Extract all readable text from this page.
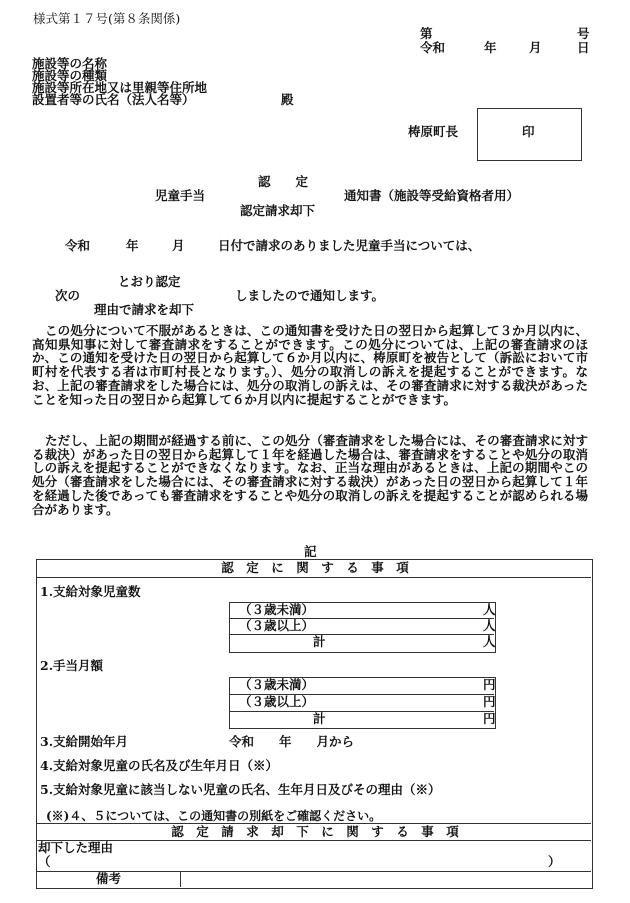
様式第１７号(第８条関係)
第	号
令和	年	月	日
施設等の名称
施設等の種類
施設等所在地又は里親等住所地
設置者等の氏名（法人名等）	殿
梼原町長	印
認　　定
児童手当	通知書（施設等受給資格者用）
認定請求却下
令和	年	月	日付で請求のありました児童手当については、
とおり認定
次の	しましたので通知します。
理由で請求を却下
この処分について不服があるときは、この通知書を受けた日の翌日から起算して３か月以内に、高知県知事に対して審査請求をすることができます。この処分については、上記の審査請求のほか、この通知を受けた日の翌日から起算して６か月以内に、梼原町を被告として（訴訟において市町村を代表する者は市町村長となります。）、処分の取消しの訴えを提起することができます。なお、上記の審査請求をした場合には、処分の取消しの訴えは、その審査請求に対する裁決があったことを知った日の翌日から起算して６か月以内に提起することができます。
ただし、上記の期間が経過する前に、この処分（審査請求をした場合には、その審査請求に対する裁決）があった日の翌日から起算して１年を経過した場合は、審査請求をすることや処分の取消しの訴えを提起することができなくなります。なお、正当な理由があるときは、上記の期間やこの処分（審査請求をした場合には、その審査請求に対する裁決）があった日の翌日から起算して１年を経過した後であっても審査請求をすることや処分の取消しの訴えを提起することが認められる場合があります。
記
認　定　に　関　す　る　事　項
1.支給対象児童数
（３歳未満）	人
（３歳以上）	人
計	人
2.手当月額
（３歳未満）	円
（３歳以上）	円
計	円
3.支給開始年月	令和　　年　　月から
4.支給対象児童の氏名及び生年月日（※）
5.支給対象児童に該当しない児童の氏名、生年月日及びその理由（※）
(※)４、５については、この通知書の別紙をご確認ください。
認　定　請　求　却　下　に　関　す　る　事　項
却下した理由
（	）
備考
